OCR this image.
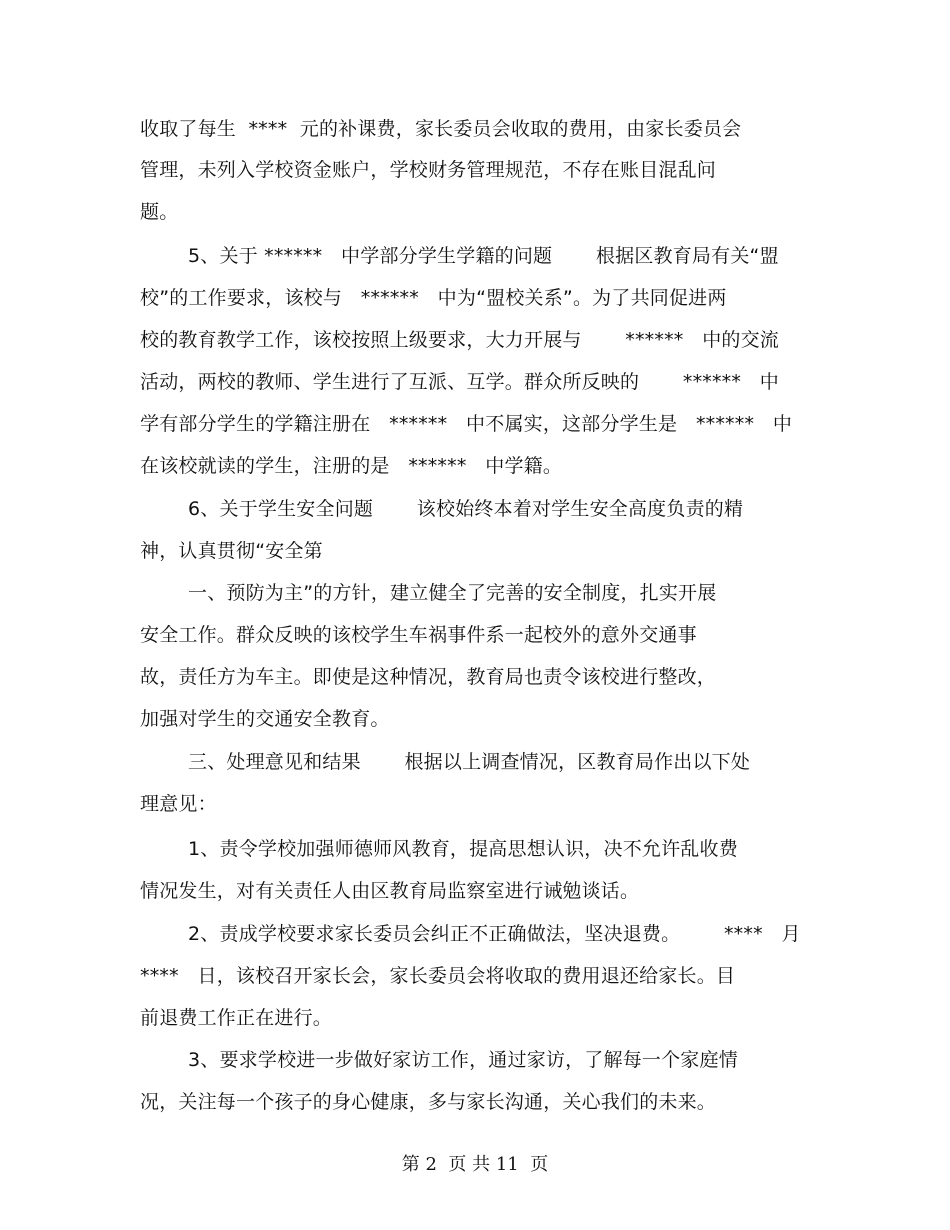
收取了每生  ****  元的补课费，家长委员会收取的费用，由家长委员会
管理，未列入学校资金账户，学校财务管理规范，不存在账目混乱问
题。
5、关于 ******   中学部分学生学籍的问题       根据区教育局有关“盟
校”的工作要求，该校与   ******   中为“盟校关系”。为了共同促进两
校的教育教学工作，该校按照上级要求，大力开展与       ******   中的交流
活动，两校的教师、学生进行了互派、互学。群众所反映的       ******   中
学有部分学生的学籍注册在   ******   中不属实，这部分学生是   ******   中
在该校就读的学生，注册的是   ******   中学籍。
6、关于学生安全问题       该校始终本着对学生安全高度负责的精
神，认真贯彻“安全第
一、预防为主”的方针，建立健全了完善的安全制度，扎实开展
安全工作。群众反映的该校学生车祸事件系一起校外的意外交通事
故，责任方为车主。即使是这种情况，教育局也责令该校进行整改，
加强对学生的交通安全教育。
三、处理意见和结果       根据以上调查情况，区教育局作出以下处
理意见：
1、责令学校加强师德师风教育，提高思想认识，决不允许乱收费
情况发生，对有关责任人由区教育局监察室进行诫勉谈话。
2、责成学校要求家长委员会纠正不正确做法，坚决退费。       ****   月
****   日，该校召开家长会，家长委员会将收取的费用退还给家长。目
前退费工作正在进行。
3、要求学校进一步做好家访工作，通过家访，了解每一个家庭情
况，关注每一个孩子的身心健康，多与家长沟通，关心我们的未来。
第 2  页 共 11  页
